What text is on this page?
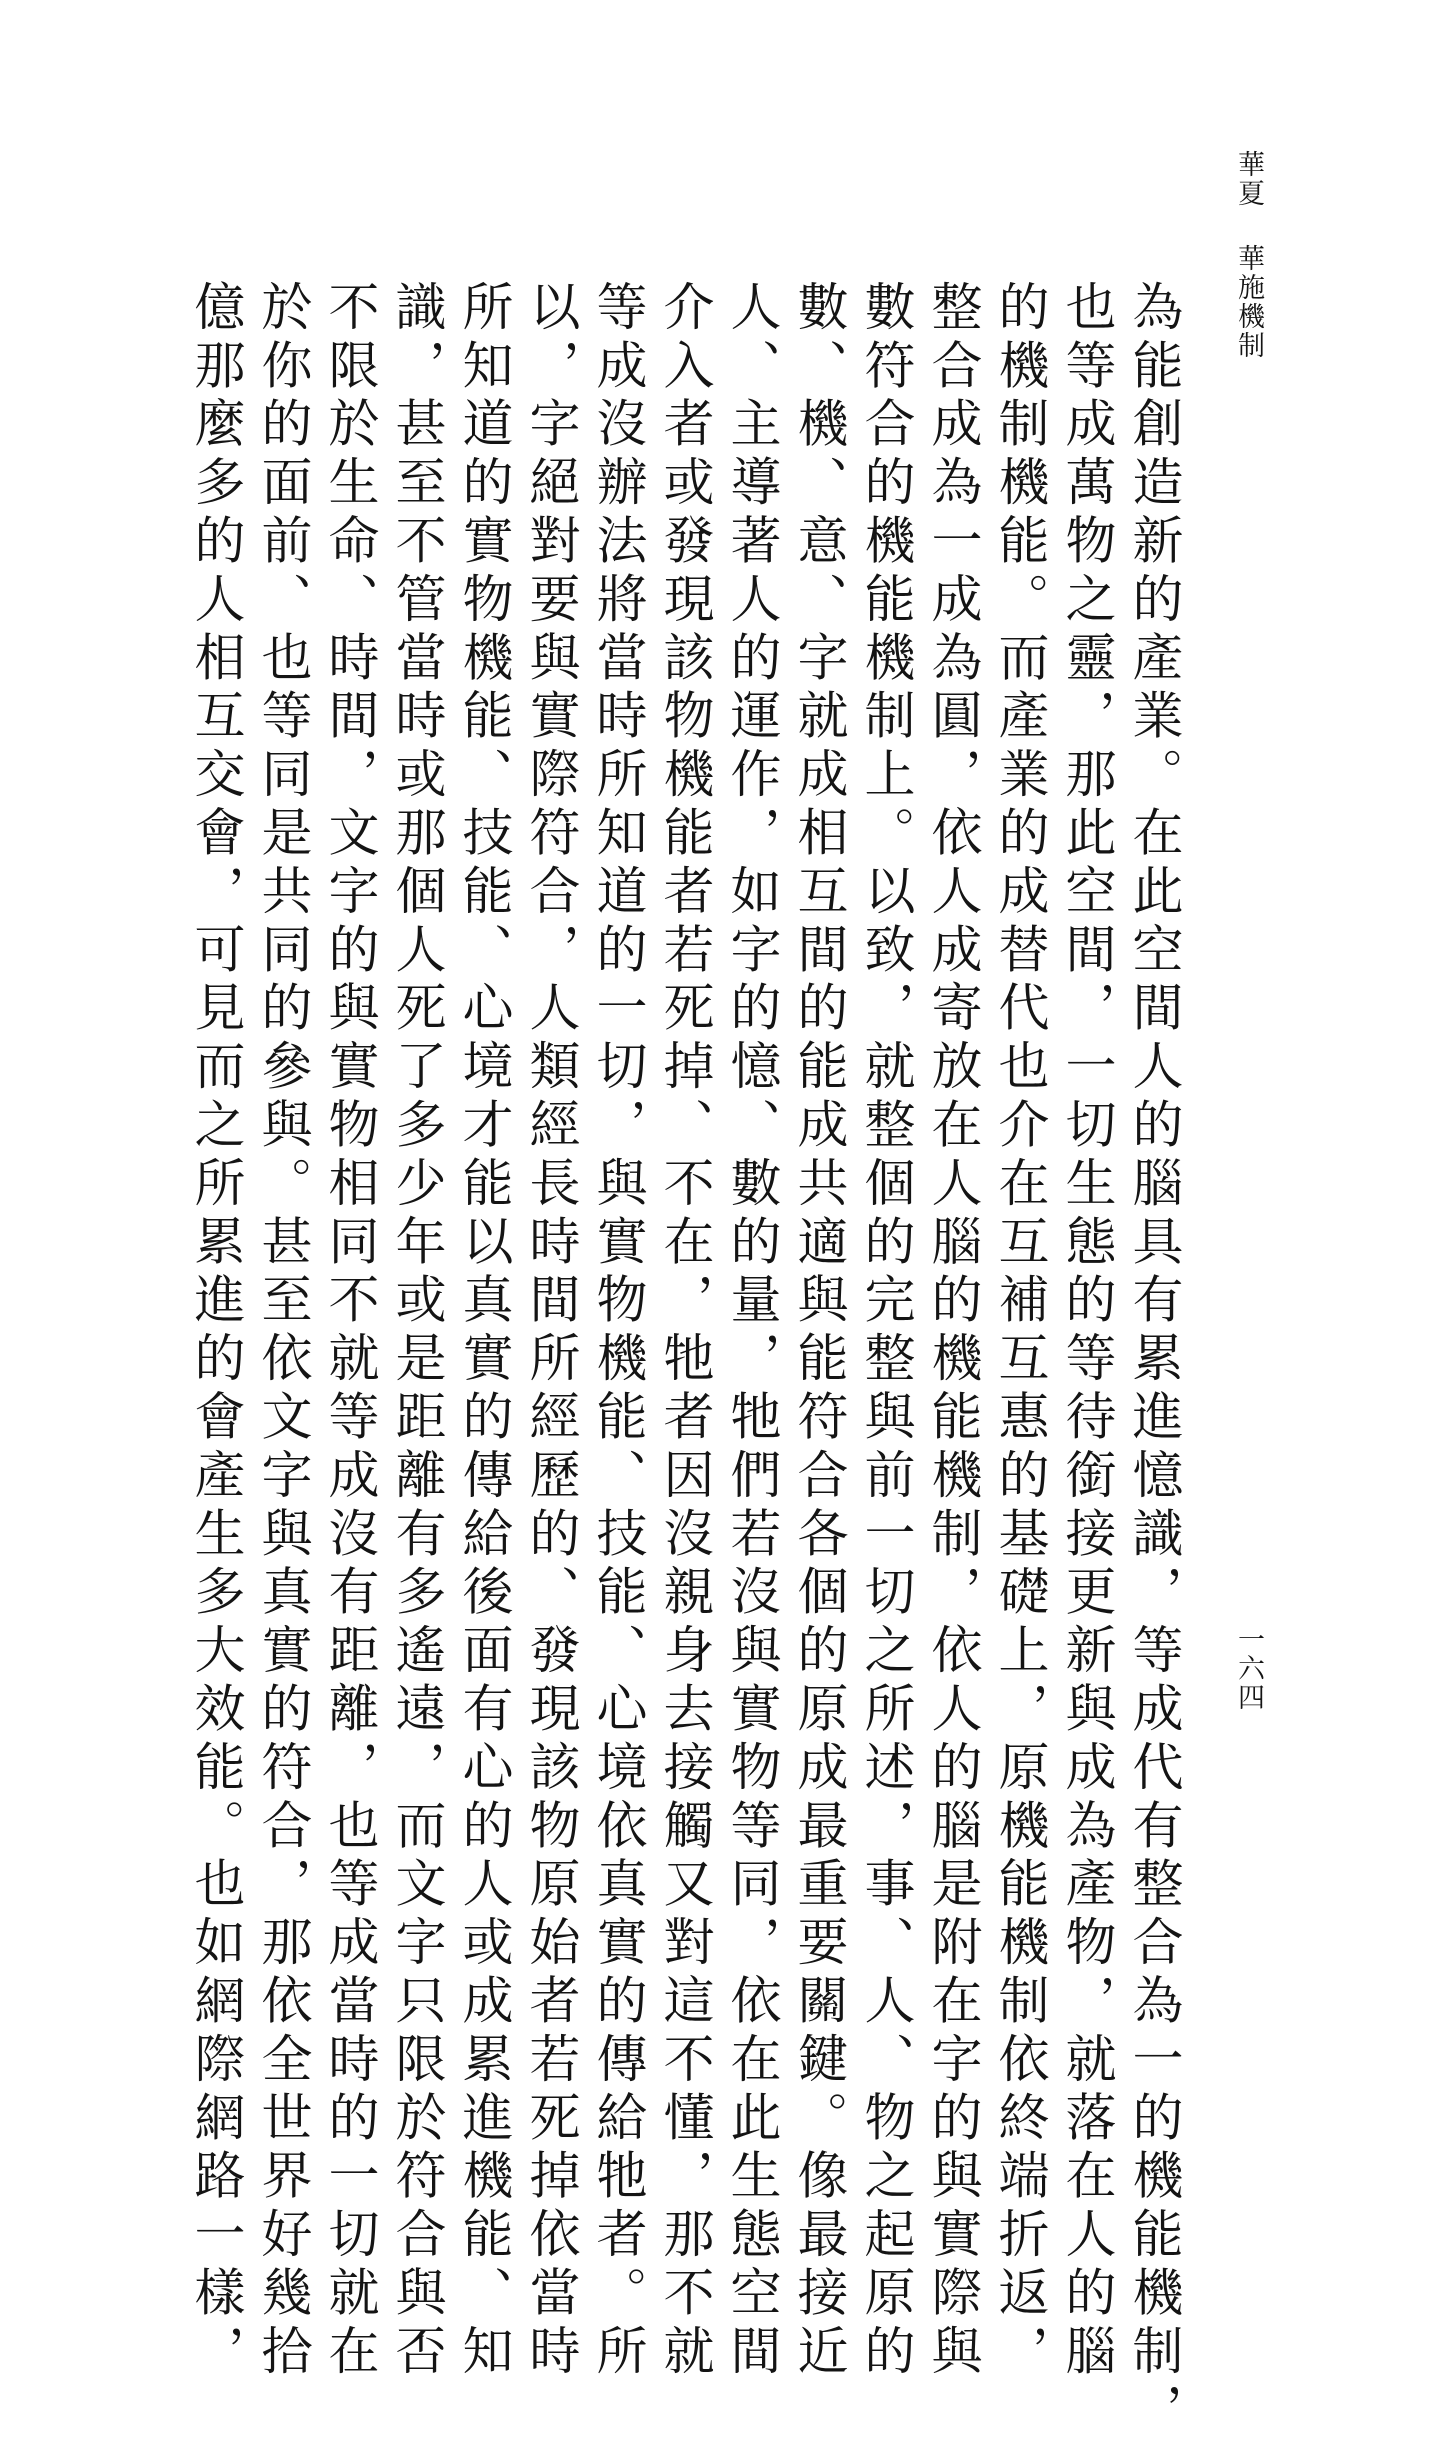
華夏華施機制
為能創造新的產業。在此空間人的腦具有累進憶識，等成代有整合為一的機能機制，
也等成萬物之靈，那此空間，一切生態的等待銜接更新與成為產物，就落在人的腦
的機制機能。而產業的成替代也介在互補互惠的基礎上，原機能機制依終端折返，
整合成為一成為圓，依人成寄放在人腦的機能機制，依人的腦是附在字的與實際與
數符合的機能機制上。以致，就整個的完整與前一切之所述，事、人、物之起原的
數、機、意、字就成相互間的能成共適與能符合各個的原成最重要關鍵。像最接近
人、主導著人的運作，如字的憶、數的量，牠們若沒與實物等同，依在此生態空間
介入者或發現該物機能者若死掉、不在，牠者因沒親身去接觸又對這不懂，那不就
等成沒辦法將當時所知道的一切，與實物機能、技能、心境依真實的傳給牠者。所
以，字絕對要與實際符合，人類經長時間所經歷的、發現該物原始者若死掉依當時
所知道的實物機能、技能、心境才能以真實的傳給後面有心的人或成累進機能、知
識，甚至不管當時或那個人死了多少年或是距離有多遙遠，而文字只限於符合與否
不限於生命、時間，文字的與實物相同不就等成沒有距離，也等成當時的一切就在
於你的面前、也等同是共同的參與。甚至依文字與真實的符合，那依全世界好幾拾
億那麼多的人相互交會，可見而之所累進的會產生多大效能。也如網際網路一樣，	一六四
